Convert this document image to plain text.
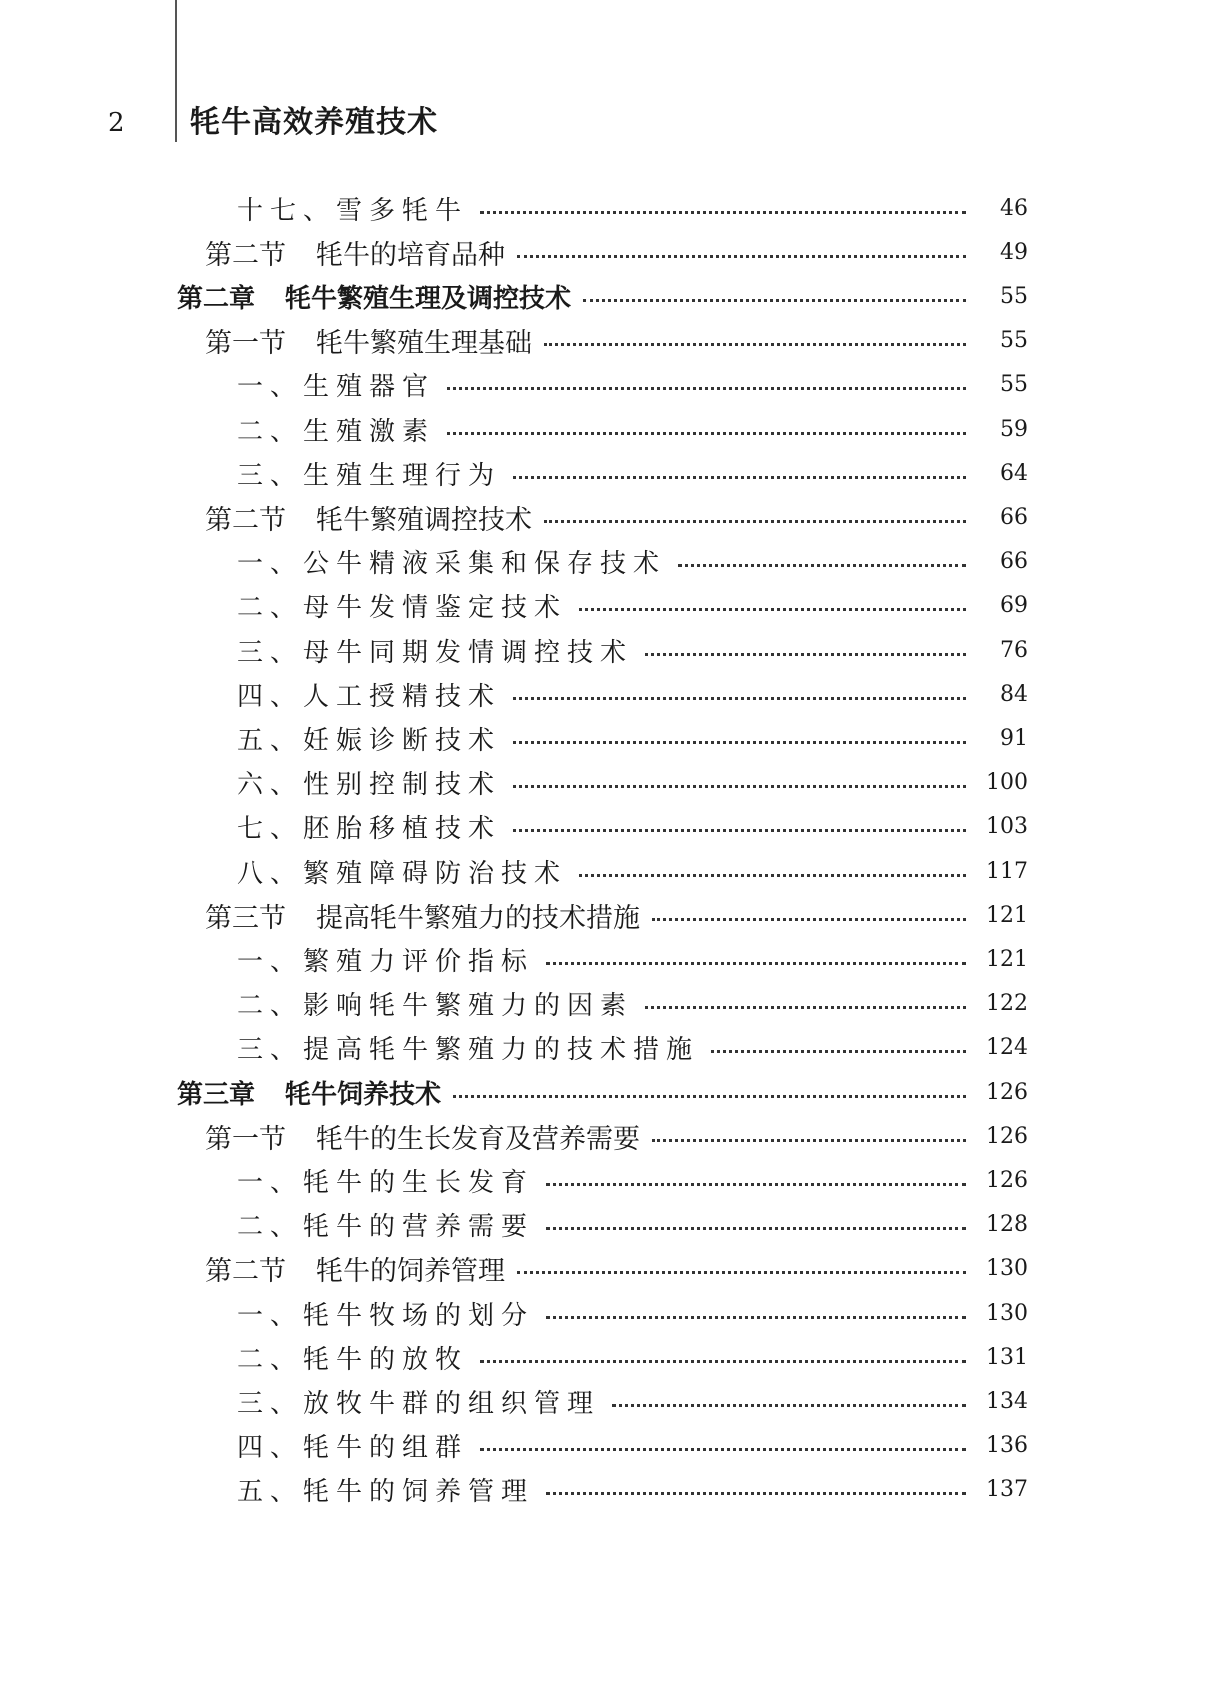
2 牦牛高效养殖技术
十七、雪多牦牛	46
第二节 牦牛的培育品种	49
第二章 牦牛繁殖生理及调控技术	55
第一节 牦牛繁殖生理基础	55
一、生殖器官	55
二、生殖激素	59
三、生殖生理行为	64
第二节 牦牛繁殖调控技术	66
一、公牛精液采集和保存技术	66
二、母牛发情鉴定技术	69
三、母牛同期发情调控技术	76
四、人工授精技术	84
五、妊娠诊断技术	91
六、性别控制技术	100
七、胚胎移植技术	103
八、繁殖障碍防治技术	117
第三节 提高牦牛繁殖力的技术措施	121
一、繁殖力评价指标	121
二、影响牦牛繁殖力的因素	122
三、提高牦牛繁殖力的技术措施	124
第三章 牦牛饲养技术	126
第一节 牦牛的生长发育及营养需要	126
一、牦牛的生长发育	126
二、牦牛的营养需要	128
第二节 牦牛的饲养管理	130
一、牦牛牧场的划分	130
二、牦牛的放牧	131
三、放牧牛群的组织管理	134
四、牦牛的组群	136
五、牦牛的饲养管理	137
